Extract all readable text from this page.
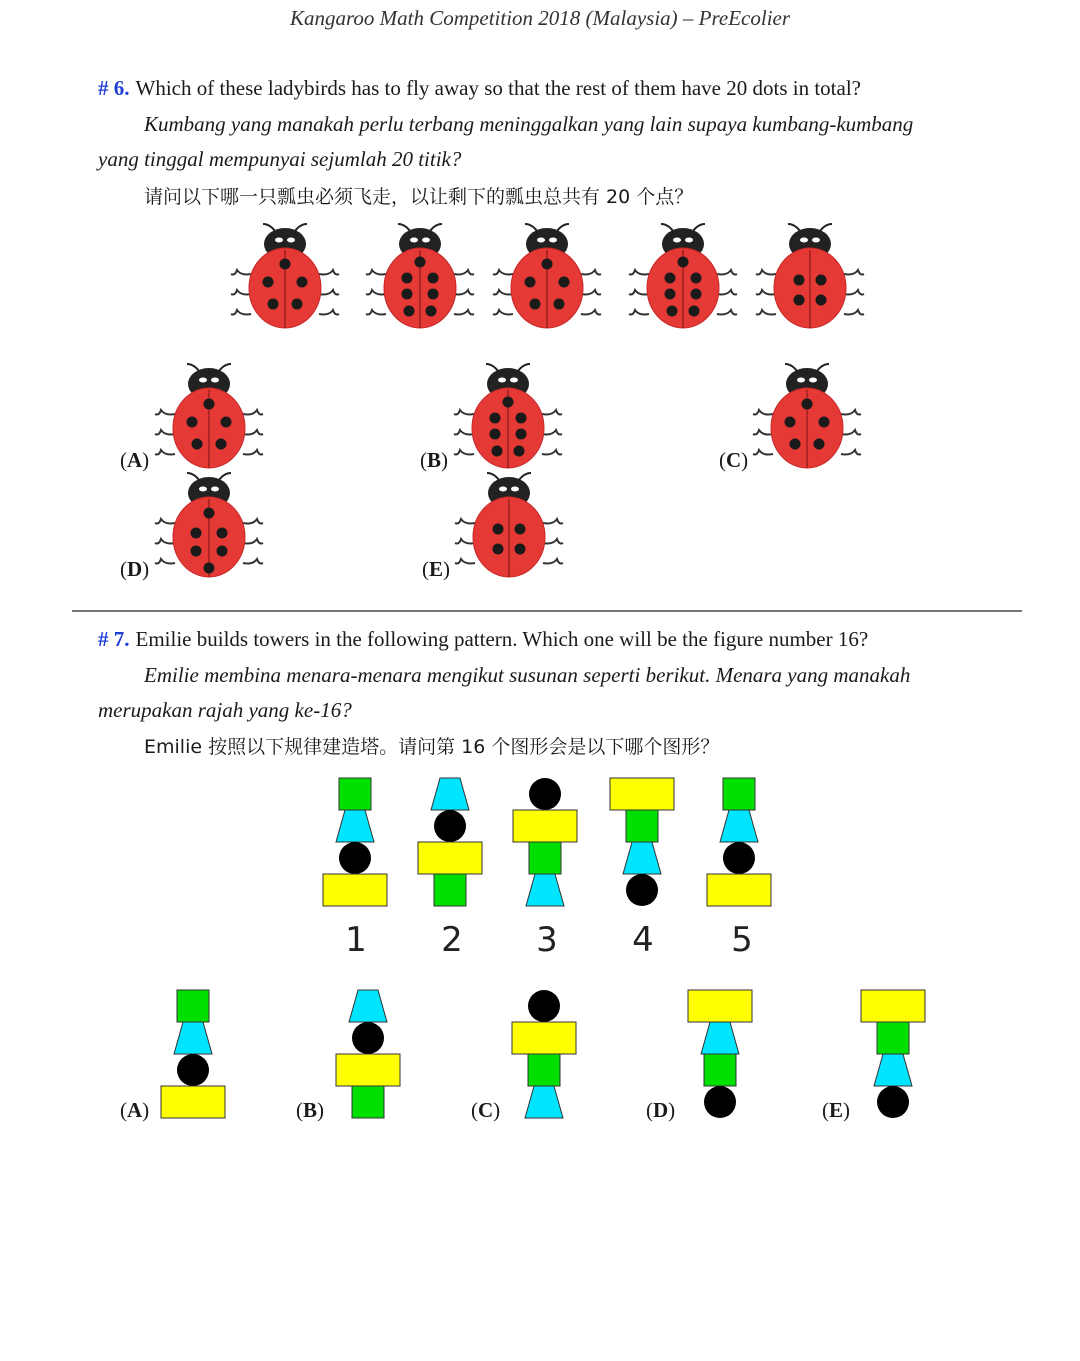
Kangaroo Math Competition 2018 (Malaysia) – PreEcolier
# 6. Which of these ladybirds has to fly away so that the rest of them have 20 dots in total?
Kumbang yang manakah perlu terbang meninggalkan yang lain supaya kumbang-kumbang
yang tinggal mempunyai sejumlah 20 titik?
请问以下哪一只瓢虫必须飞走，以让剩下的瓢虫总共有 20 个点？
(A)	(B)	(C)
(D)	(E)
# 7. Emilie builds towers in the following pattern. Which one will be the figure number 16?
Emilie membina menara-menara mengikut susunan seperti berikut. Menara yang manakah
merupakan rajah yang ke-16?
Emilie 按照以下规律建造塔。请问第 16 个图形会是以下哪个图形？
1 2 3 4 5
(A)	(B)	(C)	(D)	(E)
